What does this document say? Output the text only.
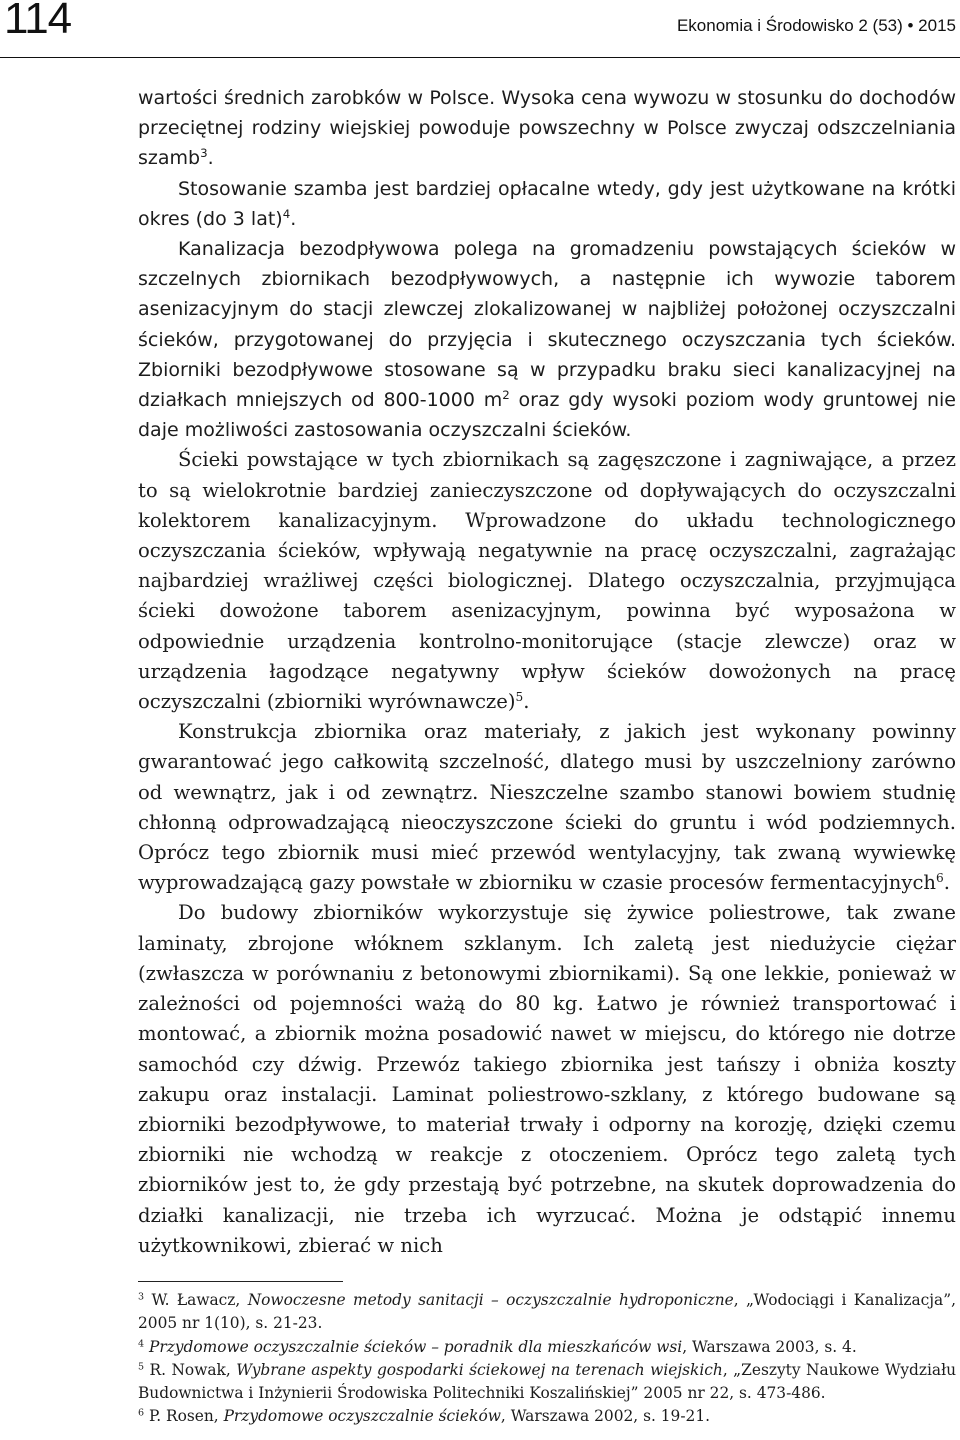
114	Ekonomia i Środowisko 2 (53) • 2015

wartości średnich zarobków w Polsce. Wysoka cena wywozu w stosunku do dochodów przeciętnej rodziny wiejskiej powoduje powszechny w Polsce zwyczaj odszczelniania szamb$^3$.
Stosowanie szamba jest bardziej opłacalne wtedy, gdy jest użytkowane na krótki okres (do 3 lat)$^4$.

Kanalizacja bezodpływowa polega na gromadzeniu powstających ścieków w szczelnych zbiornikach bezodpływowych, a następnie ich wywozie taborem asenizacyjnym do stacji zlewczej zlokalizowanej w najbliżej położonej oczyszczalni ścieków, przygotowanej do przyjęcia i skutecznego oczyszczania tych ścieków. Zbiorniki bezodpływowe stosowane są w przypadku braku sieci kanalizacyjnej na działkach mniejszych od 800-1000 $m^2$ oraz gdy wysoki poziom wody gruntowej nie daje możliwości zastosowania oczyszczalni ścieków.

Ścieki powstające w tych zbiornikach są zagęszczone i zagniwające, a przez to są wielokrotnie bardziej zanieczyszczone od dopływających do oczyszczalni kolektorem kanalizacyjnym. Wprowadzone do układu technologicznego oczyszczania ścieków, wpływają negatywnie na pracę oczyszczalni, zagrażając najbardziej wrażliwej części biologicznej. Dlatego oczyszczalnia, przyjmująca ścieki dowożone taborem asenizacyjnym, powinna być wyposażona w odpowiednie urządzenia kontrolno-monitorujące (stacje zlewcze) oraz w urządzenia łagodzące negatywny wpływ ścieków dowożonych na pracę oczyszczalni (zbiorniki wyrównawcze)$^5$.

Konstrukcja zbiornika oraz materiały, z jakich jest wykonany powinny gwarantować jego całkowitą szczelność, dlatego musi by uszczelniony zarówno od wewnątrz, jak i od zewnątrz. Nieszczelne szambo stanowi bowiem studnię chłonną odprowadzającą nieoczyszczone ścieki do gruntu i wód podziemnych. Oprócz tego zbiornik musi mieć przewód wentylacyjny, tak zwaną wywiewkę wyprowadzającą gazy powstałe w zbiorniku w czasie procesów fermentacyjnych$^6$.

Do budowy zbiorników wykorzystuje się żywice poliestrowe, tak zwane laminaty, zbrojone włóknem szklanym. Ich zaletą jest niedużycie ciężar (zwłaszcza w porównaniu z betonowymi zbiornikami). Są one lekkie, ponieważ w zależności od pojemności ważą do 80 kg. Łatwo je również transportować i montować, a zbiornik można posadowić nawet w miejscu, do którego nie dotrze samochód czy dźwig. Przewóz takiego zbiornika jest tańszy i obniża koszty zakupu oraz instalacji. Laminat poliestrowo-szklany, z którego budowane są zbiorniki bezodpływowe, to materiał trwały i odporny na korozję, dzięki czemu zbiorniki nie wchodzą w reakcje z otoczeniem. Oprócz tego zaletą tych zbiorników jest to, że gdy przestają być potrzebne, na skutek doprowadzenia do działki kanalizacji, nie trzeba ich wyrzucać. Można je odstąpić innemu użytkownikowi, zbierać w nich

$^3$ W. Ławacz, Nowoczesne metody sanitacji – oczyszczalnie hydroponiczne, „Wodociągi i Kanalizacja”, 2005 nr 1(10), s. 21-23.

$^4$ Przydomowe oczyszczalnie ścieków – poradnik dla mieszkańców wsi, Warszawa 2003, s. 4.

$^5$ R. Nowak, Wybrane aspekty gospodarki ściekowej na terenach wiejskich, „Zeszyty Naukowe Wydziału Budownictwa i Inżynierii Środowiska Politechniki Koszalińskiej” 2005 nr 22, s. 473-486.

$^6$ P. Rosen, Przydomowe oczyszczalnie ścieków, Warszawa 2002, s. 19-21.
